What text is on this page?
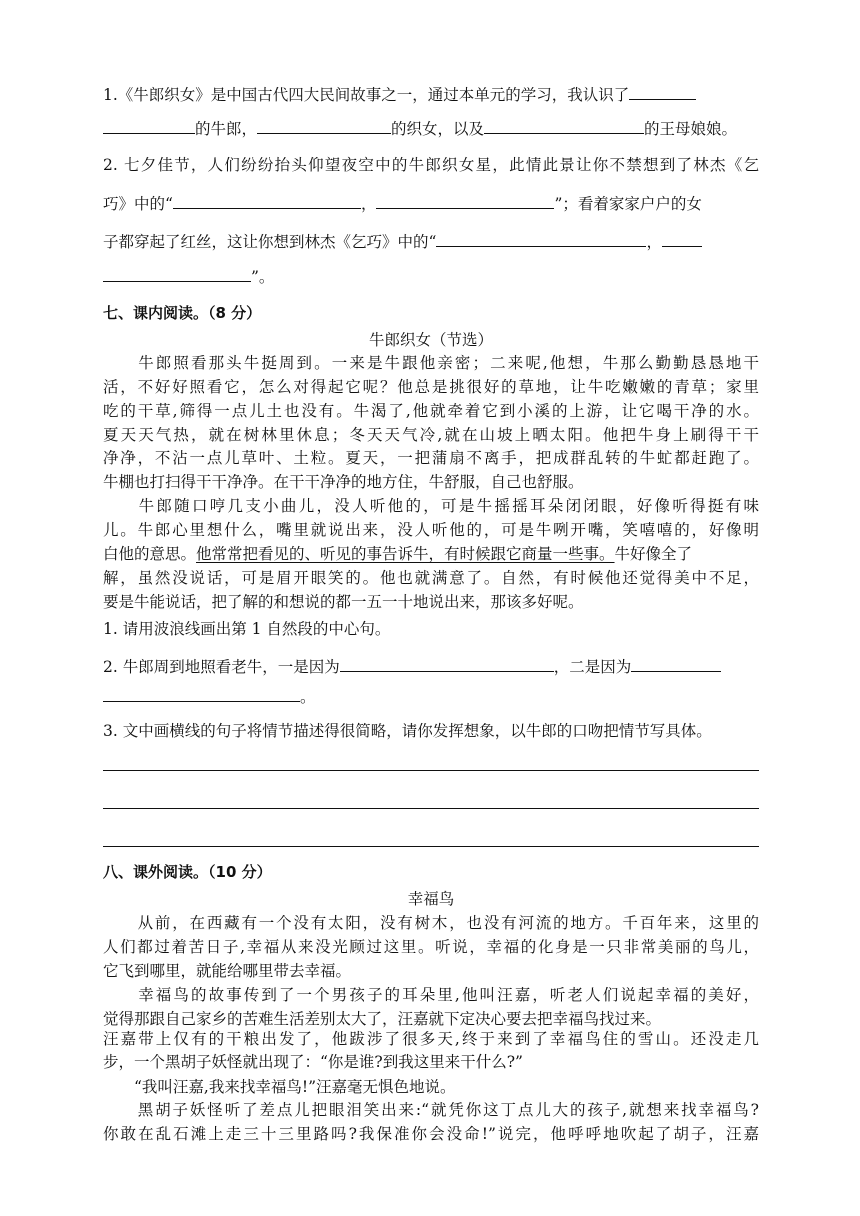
1.《牛郎织女》是中国古代四大民间故事之一，通过本单元的学习，我认识了
的牛郎，	的织女，以及	的王母娘娘。
2. 七夕佳节，人们纷纷抬头仰望夜空中的牛郎织女星，此情此景让你不禁想到了林杰《乞
巧》中的“	，	”；看着家家户户的女
子都穿起了红丝，这让你想到林杰《乞巧》中的“	，
”。
七、课内阅读。（8 分）
牛郎织女（节选）
　　牛郎照看那头牛挺周到。一来是牛跟他亲密；二来呢,他想，牛那么勤勤恳恳地干
活，不好好照看它，怎么对得起它呢？他总是挑很好的草地，让牛吃嫩嫩的青草；家里
吃的干草,筛得一点儿土也没有。牛渴了,他就牵着它到小溪的上游，让它喝干净的水。
夏天天气热，就在树林里休息；冬天天气冷,就在山坡上晒太阳。他把牛身上刷得干干
净净，不沾一点儿草叶、土粒。夏天，一把蒲扇不离手，把成群乱转的牛虻都赶跑了。
牛棚也打扫得干干净净。在干干净净的地方住，牛舒服，自己也舒服。
　　牛郎随口哼几支小曲儿，没人听他的，可是牛摇摇耳朵闭闭眼，好像听得挺有味
儿。牛郎心里想什么，嘴里就说出来，没人听他的，可是牛咧开嘴，笑嘻嘻的，好像明
白他的意思。他常常把看见的、听见的事告诉牛，有时候跟它商量一些事。牛好像全了
解，虽然没说话，可是眉开眼笑的。他也就满意了。自然，有时候他还觉得美中不足，
要是牛能说话，把了解的和想说的都一五一十地说出来，那该多好呢。
1. 请用波浪线画出第 1 自然段的中心句。
2. 牛郎周到地照看老牛，一是因为	，二是因为
。
3. 文中画横线的句子将情节描述得很简略，请你发挥想象，以牛郎的口吻把情节写具体。
八、课外阅读。（10 分）
幸福鸟
　　从前，在西藏有一个没有太阳，没有树木，也没有河流的地方。千百年来，这里的
人们都过着苦日子,幸福从来没光顾过这里。听说，幸福的化身是一只非常美丽的鸟儿，
它飞到哪里，就能给哪里带去幸福。
　　幸福鸟的故事传到了一个男孩子的耳朵里,他叫汪嘉，听老人们说起幸福的美好，
觉得那跟自己家乡的苦难生活差别太大了，汪嘉就下定决心要去把幸福鸟找过来。
汪嘉带上仅有的干粮出发了，他跋涉了很多天,终于来到了幸福鸟住的雪山。还没走几
步，一个黑胡子妖怪就出现了：“你是谁?到我这里来干什么?”
　　“我叫汪嘉,我来找幸福鸟!”汪嘉毫无惧色地说。
　　黑胡子妖怪听了差点儿把眼泪笑出来:“就凭你这丁点儿大的孩子,就想来找幸福鸟?
你敢在乱石滩上走三十三里路吗?我保准你会没命!”说完，他呼呼地吹起了胡子，汪嘉
